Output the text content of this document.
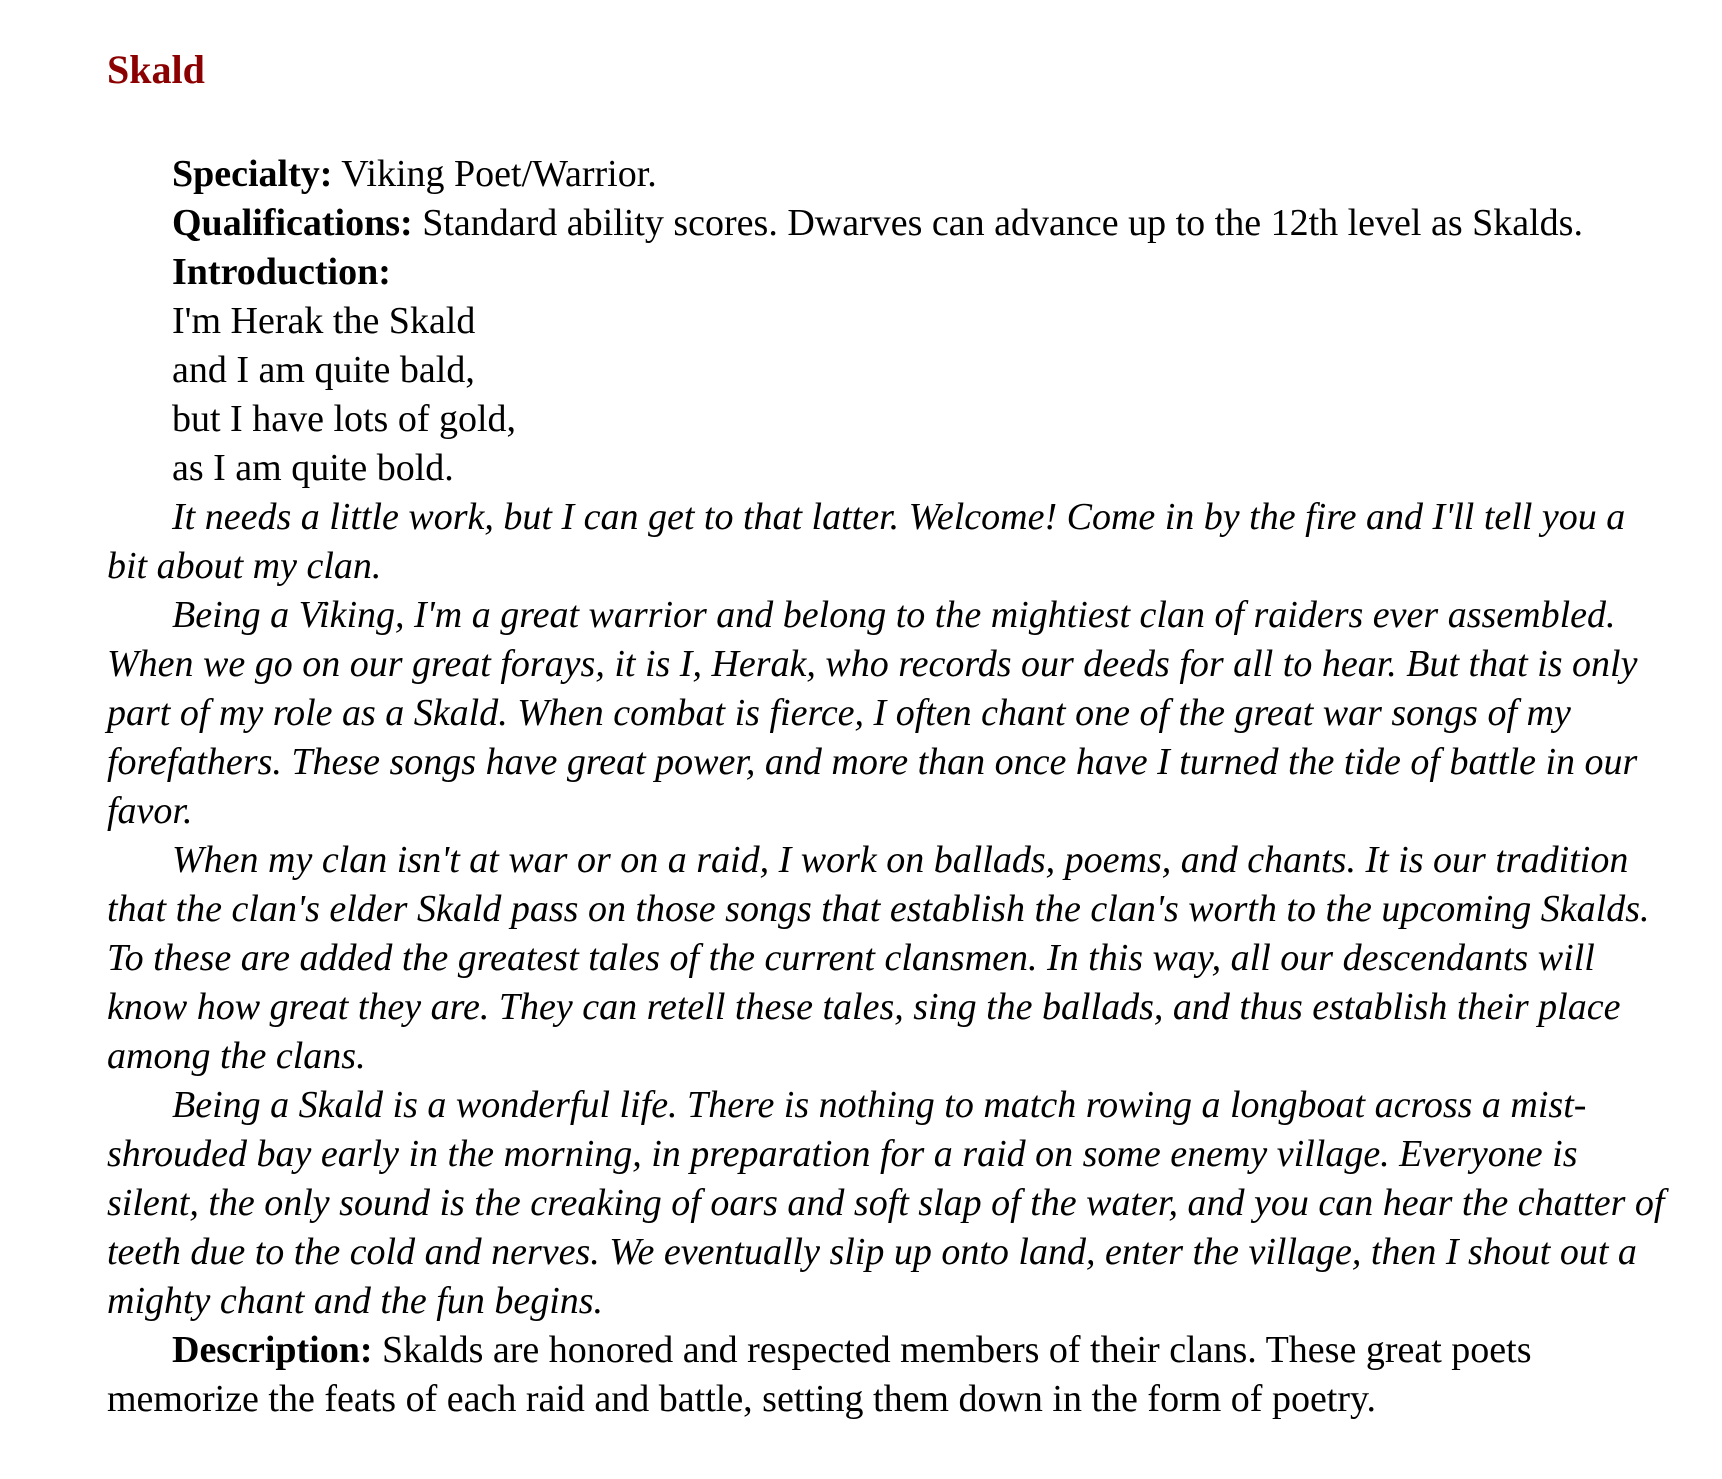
Skald

Specialty: Viking Poet/Warrior.

Qualifications: Standard ability scores. Dwarves can advance up to the 12th level as Skalds.

Introduction:

I'm Herak the Skald
and I am quite bald,
but I have lots of gold,
as I am quite bold.

It needs a little work, but I can get to that latter. Welcome! Come in by the fire and I'll tell you a bit about my clan.

Being a Viking, I'm a great warrior and belong to the mightiest clan of raiders ever assembled. When we go on our great forays, it is I, Herak, who records our deeds for all to hear. But that is only part of my role as a Skald. When combat is fierce, I often chant one of the great war songs of my forefathers. These songs have great power, and more than once have I turned the tide of battle in our favor.

When my clan isn't at war or on a raid, I work on ballads, poems, and chants. It is our tradition that the clan's elder Skald pass on those songs that establish the clan's worth to the upcoming Skalds. To these are added the greatest tales of the current clansmen. In this way, all our descendants will know how great they are. They can retell these tales, sing the ballads, and thus establish their place among the clans.

Being a Skald is a wonderful life. There is nothing to match rowing a longboat across a mist-shrouded bay early in the morning, in preparation for a raid on some enemy village. Everyone is silent, the only sound is the creaking of oars and soft slap of the water, and you can hear the chatter of teeth due to the cold and nerves. We eventually slip up onto land, enter the village, then I shout out a mighty chant and the fun begins.

Description: Skalds are honored and respected members of their clans. These great poets memorize the feats of each raid and battle, setting them down in the form of poetry.
